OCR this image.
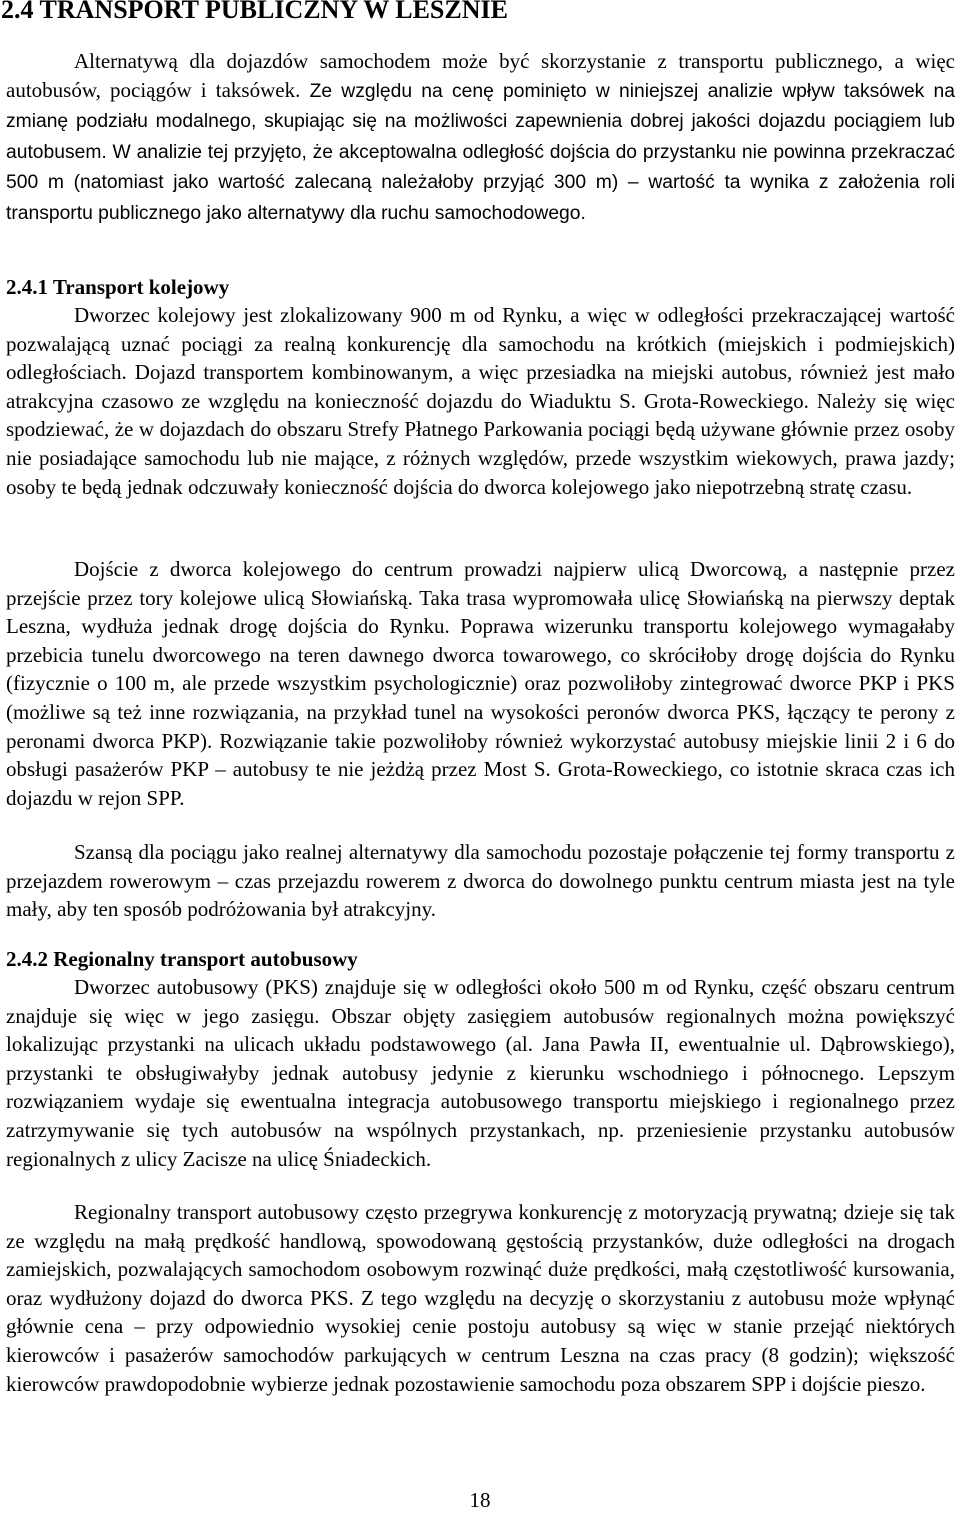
2.4 TRANSPORT PUBLICZNY W LESZNIE

Alternatywą dla dojazdów samochodem może być skorzystanie z transportu publicznego, a więc autobusów, pociągów i taksówek. Ze względu na cenę pominięto w niniejszej analizie wpływ taksówek na zmianę podziału modalnego, skupiając się na możliwości zapewnienia dobrej jakości dojazdu pociągiem lub autobusem. W analizie tej przyjęto, że akceptowalna odległość dojścia do przystanku nie powinna przekraczać 500 m (natomiast jako wartość zalecaną należałoby przyjąć 300 m) – wartość ta wynika z założenia roli transportu publicznego jako alternatywy dla ruchu samochodowego.

2.4.1 Transport kolejowy

Dworzec kolejowy jest zlokalizowany 900 m od Rynku, a więc w odległości przekraczającej wartość pozwalającą uznać pociągi za realną konkurencję dla samochodu na krótkich (miejskich i podmiejskich) odległościach. Dojazd transportem kombinowanym, a więc przesiadka na miejski autobus, również jest mało atrakcyjna czasowo ze względu na konieczność dojazdu do Wiaduktu S. Grota-Roweckiego. Należy się więc spodziewać, że w dojazdach do obszaru Strefy Płatnego Parkowania pociągi będą używane głównie przez osoby nie posiadające samochodu lub nie mające, z różnych względów, przede wszystkim wiekowych, prawa jazdy; osoby te będą jednak odczuwały konieczność dojścia do dworca kolejowego jako niepotrzebną stratę czasu.

Dojście z dworca kolejowego do centrum prowadzi najpierw ulicą Dworcową, a następnie przez przejście przez tory kolejowe ulicą Słowiańską. Taka trasa wypromowała ulicę Słowiańską na pierwszy deptak Leszna, wydłuża jednak drogę dojścia do Rynku. Poprawa wizerunku transportu kolejowego wymagałaby przebicia tunelu dworcowego na teren dawnego dworca towarowego, co skróciłoby drogę dojścia do Rynku (fizycznie o 100 m, ale przede wszystkim psychologicznie) oraz pozwoliłoby zintegrować dworce PKP i PKS (możliwe są też inne rozwiązania, na przykład tunel na wysokości peronów dworca PKS, łączący te perony z peronami dworca PKP). Rozwiązanie takie pozwoliłoby również wykorzystać autobusy miejskie linii 2 i 6 do obsługi pasażerów PKP – autobusy te nie jeżdżą przez Most S. Grota-Roweckiego, co istotnie skraca czas ich dojazdu w rejon SPP.

Szansą dla pociągu jako realnej alternatywy dla samochodu pozostaje połączenie tej formy transportu z przejazdem rowerowym – czas przejazdu rowerem z dworca do dowolnego punktu centrum miasta jest na tyle mały, aby ten sposób podróżowania był atrakcyjny.

2.4.2 Regionalny transport autobusowy

Dworzec autobusowy (PKS) znajduje się w odległości około 500 m od Rynku, część obszaru centrum znajduje się więc w jego zasięgu. Obszar objęty zasięgiem autobusów regionalnych można powiększyć lokalizując przystanki na ulicach układu podstawowego (al. Jana Pawła II, ewentualnie ul. Dąbrowskiego), przystanki te obsługiwałyby jednak autobusy jedynie z kierunku wschodniego i północnego. Lepszym rozwiązaniem wydaje się ewentualna integracja autobusowego transportu miejskiego i regionalnego przez zatrzymywanie się tych autobusów na wspólnych przystankach, np. przeniesienie przystanku autobusów regionalnych z ulicy Zacisze na ulicę Śniadeckich.

Regionalny transport autobusowy często przegrywa konkurencję z motoryzacją prywatną; dzieje się tak ze względu na małą prędkość handlową, spowodowaną gęstością przystanków, duże odległości na drogach zamiejskich, pozwalających samochodom osobowym rozwinąć duże prędkości, małą częstotliwość kursowania, oraz wydłużony dojazd do dworca PKS. Z tego względu na decyzję o skorzystaniu z autobusu może wpłynąć głównie cena – przy odpowiednio wysokiej cenie postoju autobusy są więc w stanie przejąć niektórych kierowców i pasażerów samochodów parkujących w centrum Leszna na czas pracy (8 godzin); większość kierowców prawdopodobnie wybierze jednak pozostawienie samochodu poza obszarem SPP i dojście pieszo.

18
